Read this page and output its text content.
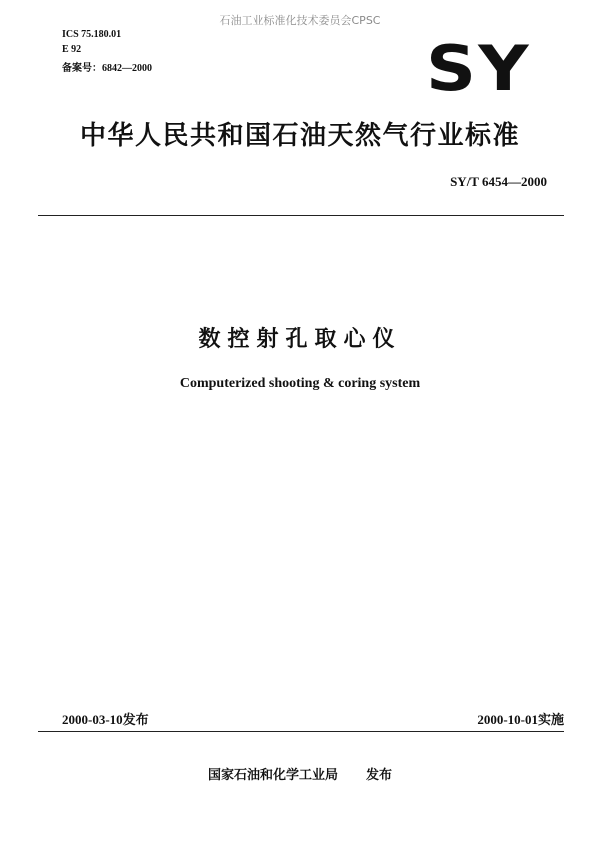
石油工业标准化技术委员会CPSC
ICS 75.180.01
E 92
备案号：6842—2000	SY
中华人民共和国石油天然气行业标准
SY/T 6454—2000
数控射孔取心仪
Computerized shooting & coring system
2000-03-10发布	2000-10-01实施
国家石油和化学工业局 发布
